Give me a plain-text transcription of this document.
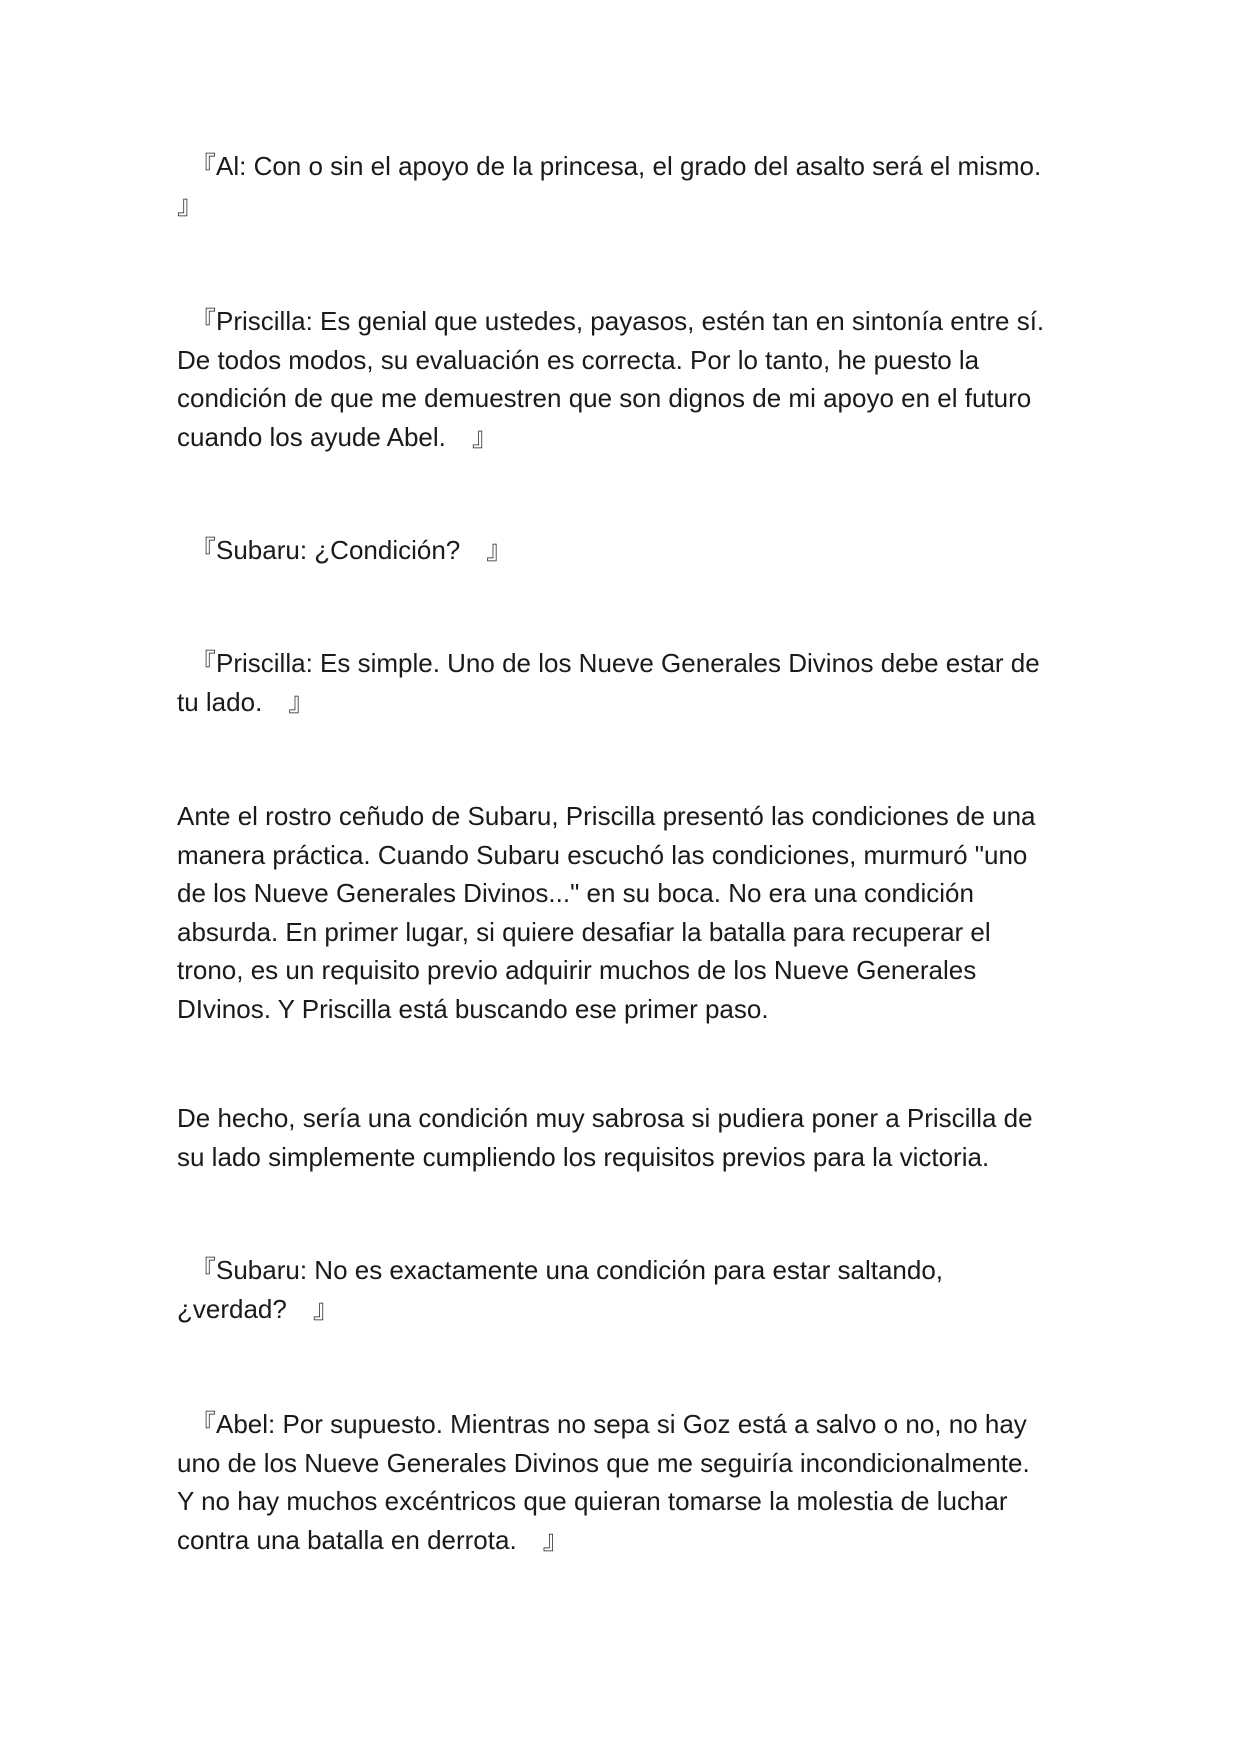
　『Al: Con o sin el apoyo de la princesa, el grado del asalto será el mismo.
』

　『Priscilla: Es genial que ustedes, payasos, estén tan en sintonía entre sí.
De todos modos, su evaluación es correcta. Por lo tanto, he puesto la
condición de que me demuestren que son dignos de mi apoyo en el futuro
cuando los ayude Abel.　』

　『Subaru: ¿Condición?　』

　『Priscilla: Es simple. Uno de los Nueve Generales Divinos debe estar de
tu lado.　』

Ante el rostro ceñudo de Subaru, Priscilla presentó las condiciones de una
manera práctica. Cuando Subaru escuchó las condiciones, murmuró "uno
de los Nueve Generales Divinos..." en su boca. No era una condición
absurda. En primer lugar, si quiere desafiar la batalla para recuperar el
trono, es un requisito previo adquirir muchos de los Nueve Generales
DIvinos. Y Priscilla está buscando ese primer paso.

De hecho, sería una condición muy sabrosa si pudiera poner a Priscilla de
su lado simplemente cumpliendo los requisitos previos para la victoria.

　『Subaru: No es exactamente una condición para estar saltando,
¿verdad?　』

　『Abel: Por supuesto. Mientras no sepa si Goz está a salvo o no, no hay
uno de los Nueve Generales Divinos que me seguiría incondicionalmente.
Y no hay muchos excéntricos que quieran tomarse la molestia de luchar
contra una batalla en derrota.　』
